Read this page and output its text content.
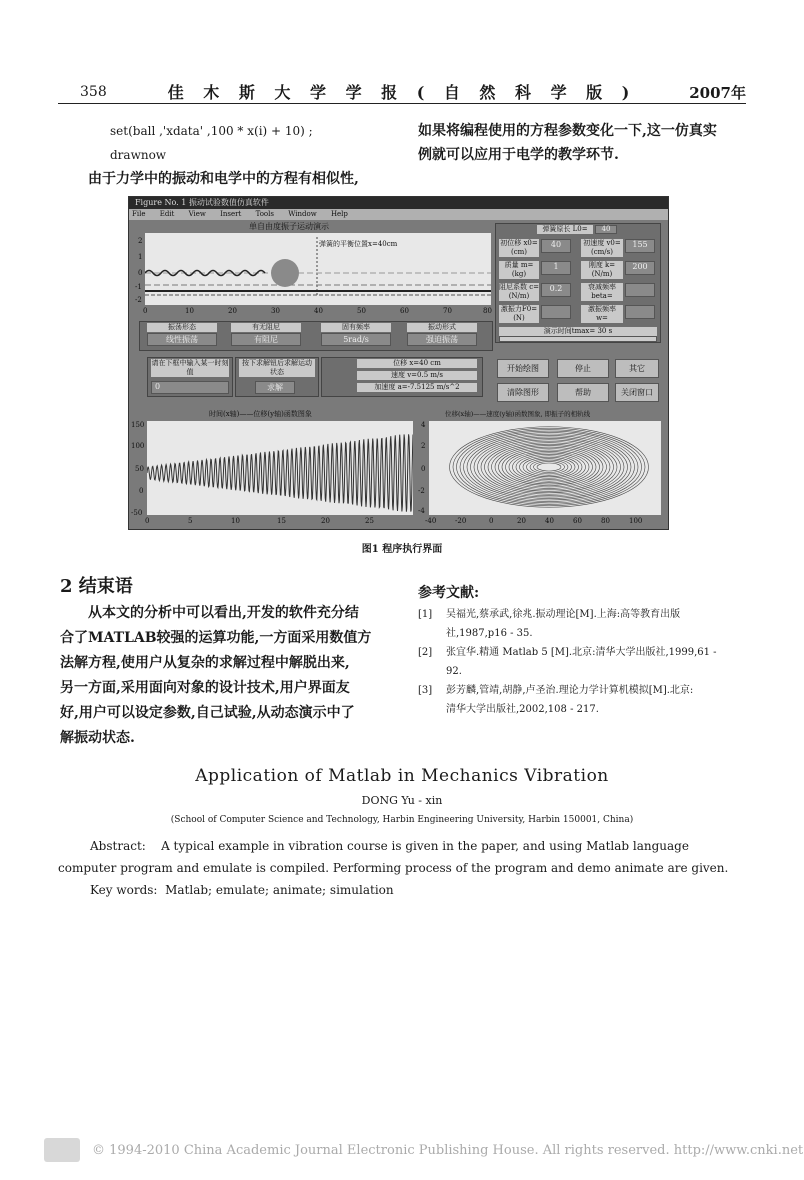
358	佳 木 斯 大 学 学 报 ( 自 然 科 学 版 )	2007年
set(ball ,'xdata' ,100 * x(i) + 10) ;
drawnow
由于力学中的振动和电学中的方程有相似性,
如果将编程使用的方程参数变化一下,这一仿真实
例就可以应用于电学的教学环节.
Figure No. 1 振动试验数值仿真软件
File Edit View Insert Tools Window Help
单自由度振子运动演示
弹簧的平衡位置x=40cm
2
1
0
-1
-2
0	10	20	30	40	50	60	70	80
弹簧原长 L0=	40
初位移 x0= (cm)
40	初速度 v0= (cm/s)
155
质量 m= (kg)
1	刚度 k= (N/m)
200
阻尼系数 c= (N/m)
0.2	衰减频率 beta=
激振力F0= (N)
激振频率 w=
演示时间tmax= 30 s
振荡形态
线性振荡
有无阻尼
有阻尼
固有频率
5rad/s
振动形式
强迫振荡
请在下框中输入某一时刻值
0
按下求解钮后求解运动状态
求解
位移 x=40 cm
速度 v=0.5 m/s
加速度 a=-7.5125 m/s^2
开始绘图	停止	其它
清除图形	帮助	关闭窗口
时间(x轴)——位移(y轴)函数图象
150
100
50
0
-50
0	5	10	15	20	25
位移(x轴)——速度(y轴)函数图象, 即振子的相轨线
4
2
0
-2
-4
-40	-20	0	20	40	60	80	100
图1 程序执行界面
2 结束语
从本文的分析中可以看出,开发的软件充分结
合了MATLAB较强的运算功能,一方面采用数值方
法解方程,使用户从复杂的求解过程中解脱出来,
另一方面,采用面向对象的设计技术,用户界面友
好,用户可以设定参数,自己试验,从动态演示中了
解振动状态.
参考文献:
[1] 吴福光,蔡承武,徐兆.振动理论[M].上海:高等教育出版
社,1987,p16 - 35.
[2] 张宜华.精通 Matlab 5 [M].北京:清华大学出版社,1999,61 -
92.
[3] 彭芳麟,管靖,胡静,卢圣治.理论力学计算机模拟[M].北京:
清华大学出版社,2002,108 - 217.
Application of Matlab in Mechanics Vibration
DONG Yu - xin
(School of Computer Science and Technology, Harbin Engineering University, Harbin 150001, China)
Abstract: A typical example in vibration course is given in the paper, and using Matlab language computer program and emulate is compiled. Performing process of the program and demo animate are given.
Key words: Matlab; emulate; animate; simulation
© 1994-2010 China Academic Journal Electronic Publishing House. All rights reserved. http://www.cnki.net
